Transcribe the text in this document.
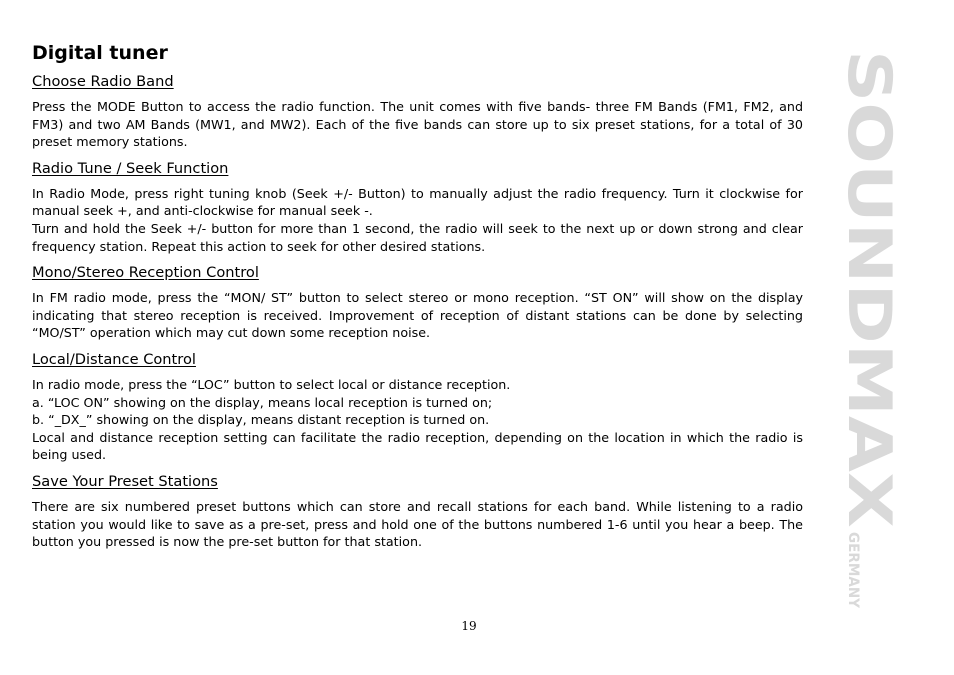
Digital tuner
Choose Radio Band

Press the MODE Button to access the radio function. The unit comes with five bands- three FM Bands (FM1, FM2, and FM3) and two AM Bands (MW1, and MW2). Each of the five bands can store up to six preset stations, for a total of 30 preset memory stations.

Radio Tune / Seek Function

In Radio Mode, press right tuning knob (Seek +/- Button) to manually adjust the radio frequency. Turn it clockwise for manual seek +, and anti-clockwise for manual seek -.

Turn and hold the Seek +/- button for more than 1 second, the radio will seek to the next up or down strong and clear frequency station. Repeat this action to seek for other desired stations.

Mono/Stereo Reception Control

In FM radio mode, press the “MON/ ST” button to select stereo or mono reception. “ST ON” will show on the display indicating that stereo reception is received. Improvement of reception of distant stations can be done by selecting “MO/ST” operation which may cut down some reception noise.

Local/Distance Control

In radio mode, press the “LOC” button to select local or distance reception.

a. “LOC ON” showing on the display, means local reception is turned on;

b. “_DX_” showing on the display, means distant reception is turned on.

Local and distance reception setting can facilitate the radio reception, depending on the location in which the radio is being used.

Save Your Preset Stations

There are six numbered preset buttons which can store and recall stations for each band. While listening to a radio station you would like to save as a pre-set, press and hold one of the buttons numbered 1-6 until you hear a beep. The button you pressed is now the pre-set button for that station.

SOUNDMAX
GERMANY
19
